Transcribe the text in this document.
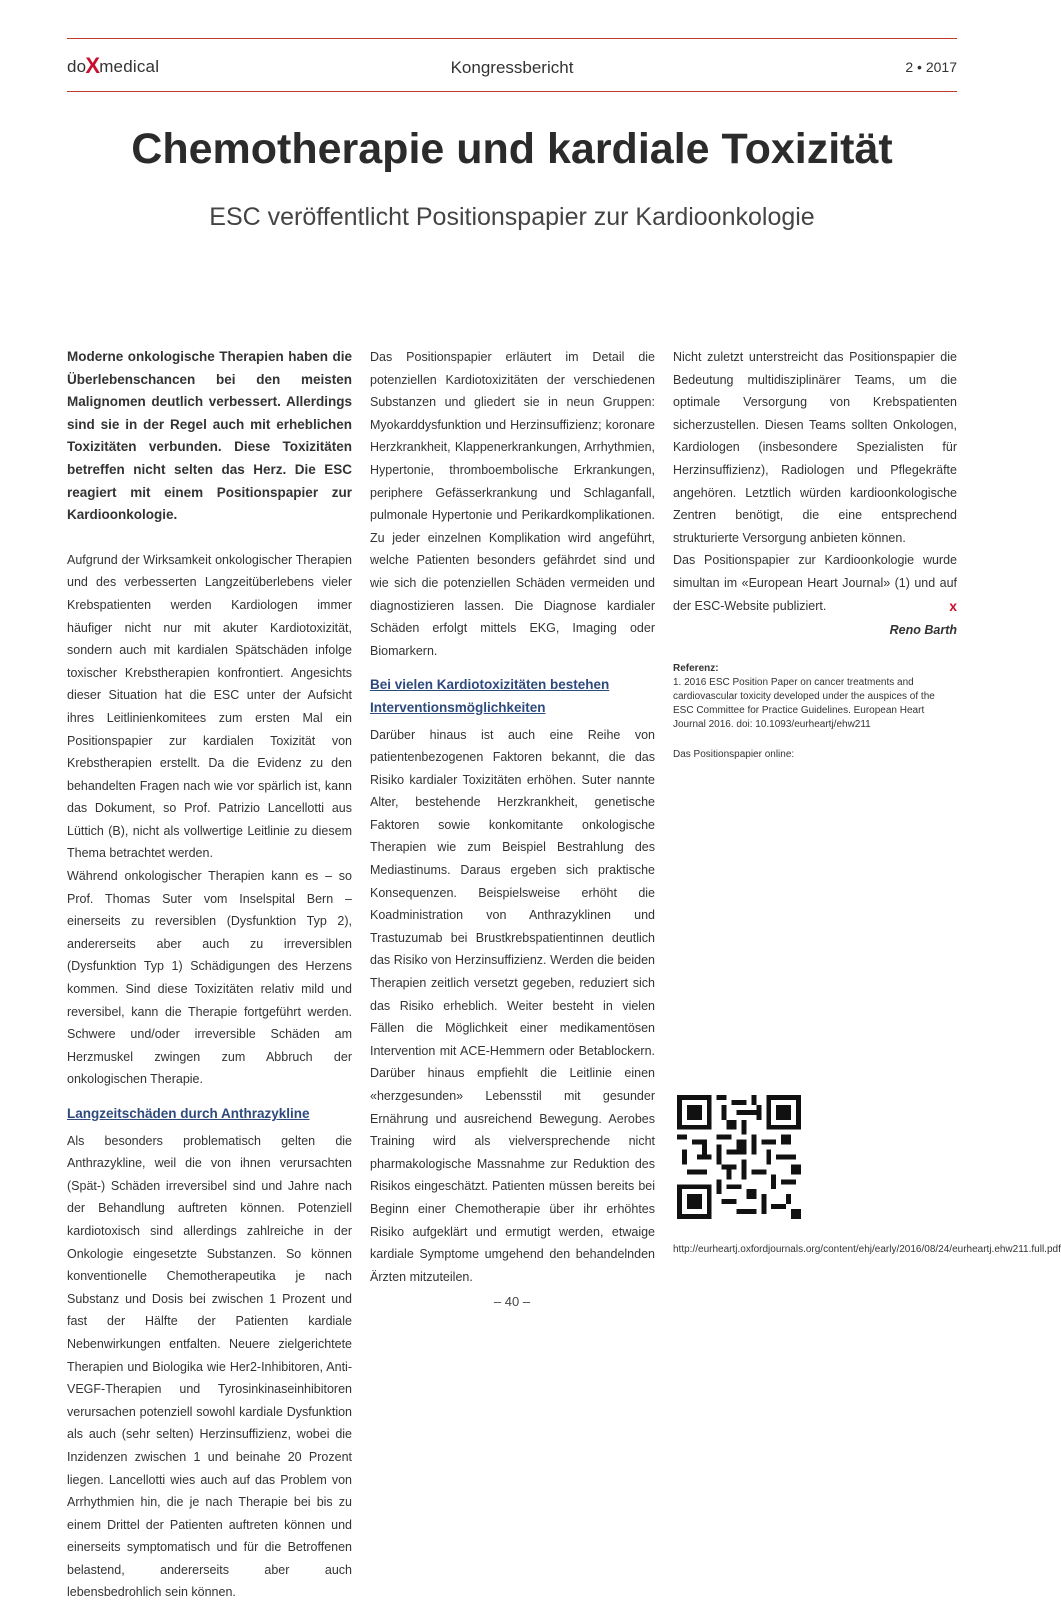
doXmedical	Kongressbericht	2 • 2017
Chemotherapie und kardiale Toxizität
ESC veröffentlicht Positionspapier zur Kardioonkologie

Moderne onkologische Therapien haben die Überlebenschancen bei den meisten Malignomen deutlich verbessert. Allerdings sind sie in der Regel auch mit erheblichen Toxizitäten verbunden. Diese Toxizitäten betreffen nicht selten das Herz. Die ESC reagiert mit einem Positionspapier zur Kardioonkologie.

Aufgrund der Wirksamkeit onkologischer Therapien und des verbesserten Langzeitüberlebens vieler Krebspatienten werden Kardiologen immer häufiger nicht nur mit akuter Kardiotoxizität, sondern auch mit kardialen Spätschäden infolge toxischer Krebstherapien konfrontiert. Angesichts dieser Situation hat die ESC unter der Aufsicht ihres Leitlinienkomitees zum ersten Mal ein Positionspapier zur kardialen Toxizität von Krebstherapien erstellt. Da die Evidenz zu den behandelten Fragen nach wie vor spärlich ist, kann das Dokument, so Prof. Patrizio Lancellotti aus Lüttich (B), nicht als vollwertige Leitlinie zu diesem Thema betrachtet werden.

Während onkologischer Therapien kann es – so Prof. Thomas Suter vom Inselspital Bern – einerseits zu reversiblen (Dysfunktion Typ 2), andererseits aber auch zu irreversiblen (Dysfunktion Typ 1) Schädigungen des Herzens kommen. Sind diese Toxizitäten relativ mild und reversibel, kann die Therapie fortgeführt werden. Schwere und/oder irreversible Schäden am Herzmuskel zwingen zum Abbruch der onkologischen Therapie.

Langzeitschäden durch Anthrazykline

Als besonders problematisch gelten die Anthrazykline, weil die von ihnen verursachten (Spät-) Schäden irreversibel sind und Jahre nach der Behandlung auftreten können. Potenziell kardiotoxisch sind allerdings zahlreiche in der Onkologie eingesetzte Substanzen. So können konventionelle Chemotherapeutika je nach Substanz und Dosis bei zwischen 1 Prozent und fast der Hälfte der Patienten kardiale Nebenwirkungen entfalten. Neuere zielgerichtete Therapien und Biologika wie Her2-Inhibitoren, Anti-VEGF-Therapien und Tyrosinkinaseinhibitoren verursachen potenziell sowohl kardiale Dysfunktion als auch (sehr selten) Herzinsuffizienz, wobei die Inzidenzen zwischen 1 und beinahe 20 Prozent liegen. Lancellotti wies auch auf das Problem von Arrhythmien hin, die je nach Therapie bei bis zu einem Drittel der Patienten auftreten können und einerseits symptomatisch und für die Betroffenen belastend, andererseits aber auch lebensbedrohlich sein können.

Das Positionspapier erläutert im Detail die potenziellen Kardiotoxizitäten der verschiedenen Substanzen und gliedert sie in neun Gruppen: Myokarddysfunktion und Herzinsuffizienz; koronare Herzkrankheit, Klappenerkrankungen, Arrhythmien, Hypertonie, thromboembolische Erkrankungen, periphere Gefässerkrankung und Schlaganfall, pulmonale Hypertonie und Perikardkomplikationen. Zu jeder einzelnen Komplikation wird angeführt, welche Patienten besonders gefährdet sind und wie sich die potenziellen Schäden vermeiden und diagnostizieren lassen. Die Diagnose kardialer Schäden erfolgt mittels EKG, Imaging oder Biomarkern.

Bei vielen Kardiotoxizitäten bestehen Interventionsmöglichkeiten

Darüber hinaus ist auch eine Reihe von patientenbezogenen Faktoren bekannt, die das Risiko kardialer Toxizitäten erhöhen. Suter nannte Alter, bestehende Herzkrankheit, genetische Faktoren sowie konkomitante onkologische Therapien wie zum Beispiel Bestrahlung des Mediastinums. Daraus ergeben sich praktische Konsequenzen. Beispielsweise erhöht die Koadministration von Anthrazyklinen und Trastuzumab bei Brustkrebspatientinnen deutlich das Risiko von Herzinsuffizienz. Werden die beiden Therapien zeitlich versetzt gegeben, reduziert sich das Risiko erheblich. Weiter besteht in vielen Fällen die Möglichkeit einer medikamentösen Intervention mit ACE-Hemmern oder Betablockern. Darüber hinaus empfiehlt die Leitlinie einen «herzgesunden» Lebensstil mit gesunder Ernährung und ausreichend Bewegung. Aerobes Training wird als vielversprechende nicht pharmakologische Massnahme zur Reduktion des Risikos eingeschätzt. Patienten müssen bereits bei Beginn einer Chemotherapie über ihr erhöhtes Risiko aufgeklärt und ermutigt werden, etwaige kardiale Symptome umgehend den behandelnden Ärzten mitzuteilen.

Nicht zuletzt unterstreicht das Positionspapier die Bedeutung multidisziplinärer Teams, um die optimale Versorgung von Krebspatienten sicherzustellen. Diesen Teams sollten Onkologen, Kardiologen (insbesondere Spezialisten für Herzinsuffizienz), Radiologen und Pflegekräfte angehören. Letztlich würden kardioonkologische Zentren benötigt, die eine entsprechend strukturierte Versorgung anbieten können.

Das Positionspapier zur Kardioonkologie wurde simultan im «European Heart Journal» (1) und auf der ESC-Website publiziert.	x

Reno Barth

Referenz:
1. 2016 ESC Position Paper on cancer treatments and cardiovascular toxicity developed under the auspices of the ESC Committee for Practice Guidelines. European Heart Journal 2016. doi: 10.1093/eurheartj/ehw211

Das Positionspapier online:

http://eurheartj.oxfordjournals.org/content/ehj/early/2016/08/24/eurheartj.ehw211.full.pdf
– 40 –
